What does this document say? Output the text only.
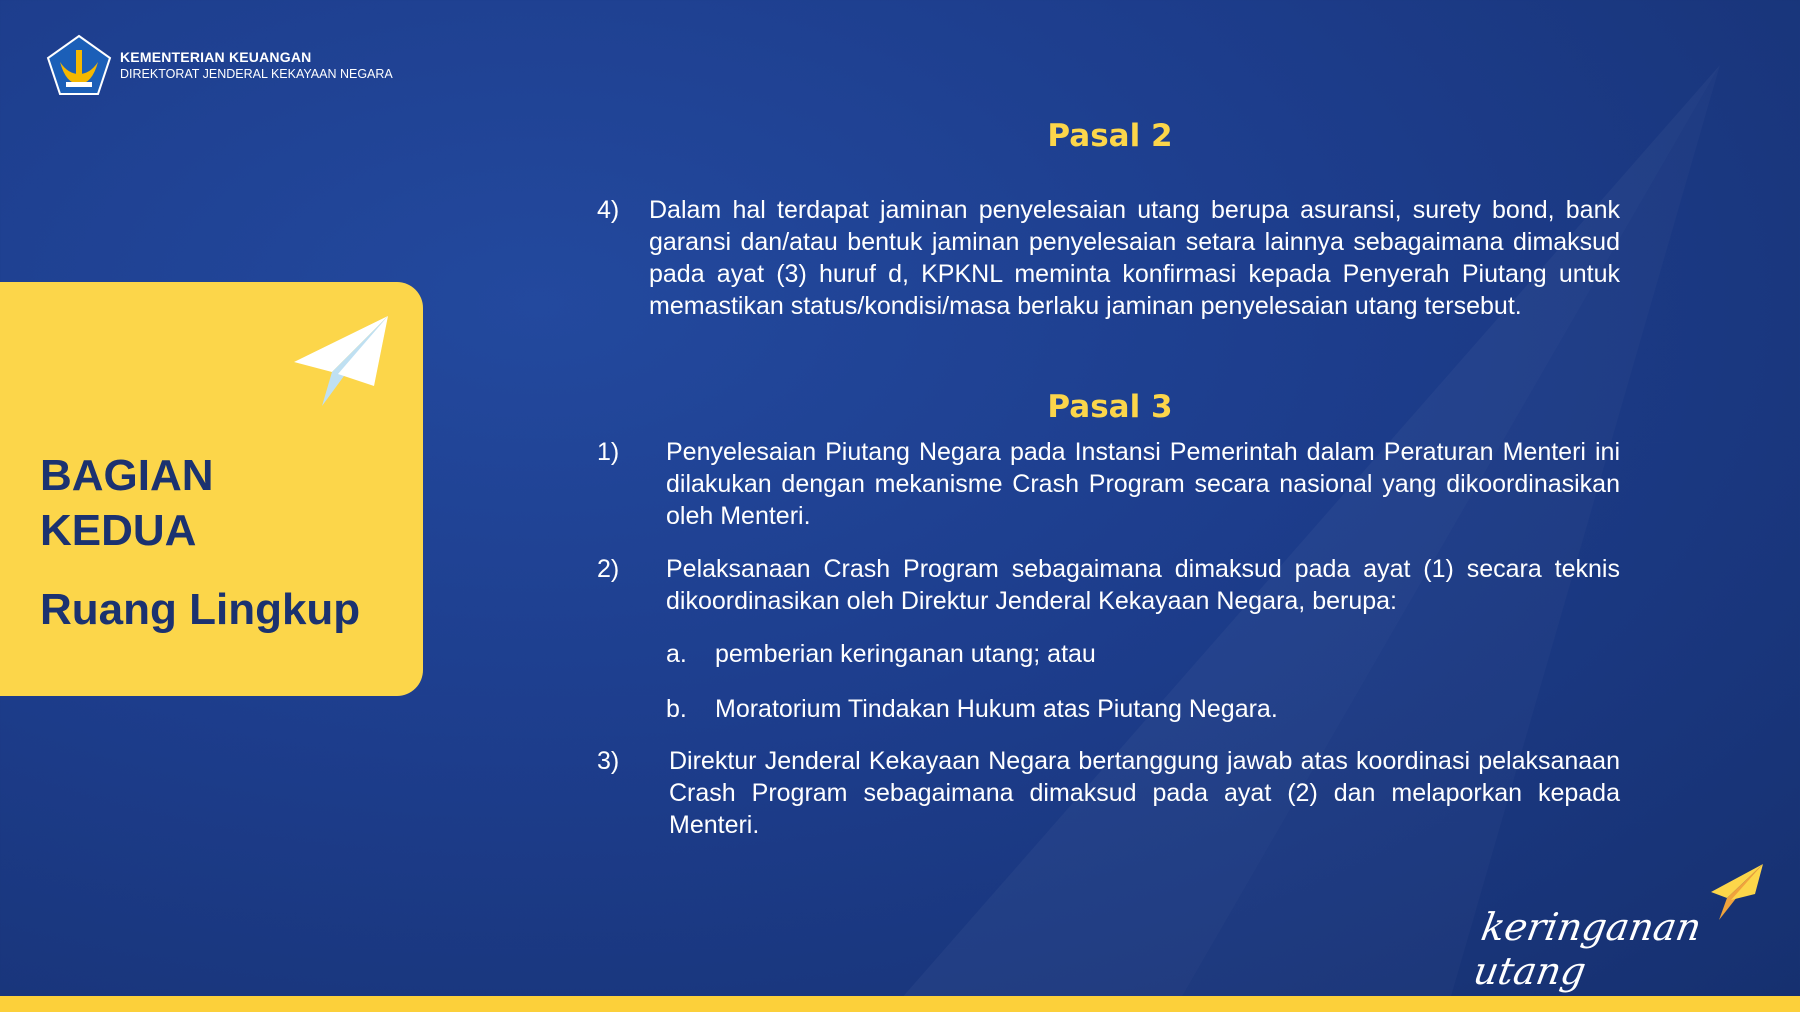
KEMENTERIAN KEUANGAN
DIREKTORAT JENDERAL KEKAYAAN NEGARA
BAGIAN
KEDUA
Ruang Lingkup
Pasal 2
4) Dalam hal terdapat jaminan penyelesaian utang berupa asuransi, surety bond, bank garansi dan/atau bentuk jaminan penyelesaian setara lainnya sebagaimana dimaksud pada ayat (3) huruf d, KPKNL meminta konfirmasi kepada Penyerah Piutang untuk memastikan status/kondisi/masa berlaku jaminan penyelesaian utang tersebut.
Pasal 3
1) Penyelesaian Piutang Negara pada Instansi Pemerintah dalam Peraturan Menteri ini dilakukan dengan mekanisme Crash Program secara nasional yang dikoordinasikan oleh Menteri.
2) Pelaksanaan Crash Program sebagaimana dimaksud pada ayat (1) secara teknis dikoordinasikan oleh Direktur Jenderal Kekayaan Negara, berupa:
a. pemberian keringanan utang; atau
b. Moratorium Tindakan Hukum atas Piutang Negara.
3) Direktur Jenderal Kekayaan Negara bertanggung jawab atas koordinasi pelaksanaan Crash Program sebagaimana dimaksud pada ayat (2) dan melaporkan kepada Menteri.
keringanan utang
